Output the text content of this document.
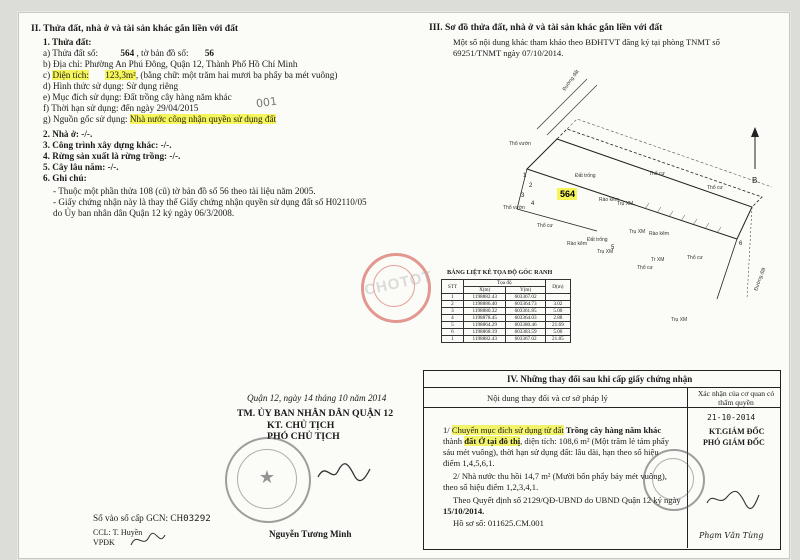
II. Thửa đất, nhà ở và tài sản khác gắn liền với đất
1. Thửa đất:
a) Thửa đất số: 564 , tờ bản đồ số: 56
b) Địa chỉ: Phường An Phú Đông, Quận 12, Thành Phố Hồ Chí Minh
c) Diện tích: 123,3m², (bằng chữ: một trăm hai mươi ba phẩy ba mét vuông)
d) Hình thức sử dụng: Sử dụng riêng
e) Mục đích sử dụng: Đất trồng cây hàng năm khác 001
f) Thời hạn sử dụng: đến ngày 29/04/2015
g) Nguồn gốc sử dụng: Nhà nước công nhận quyền sử dụng đất
2. Nhà ở: -/-.
3. Công trình xây dựng khác: -/-.
4. Rừng sản xuất là rừng trồng: -/-.
5. Cây lâu năm: -/-.
6. Ghi chú:
- Thuộc một phần thửa 108 (cũ) tờ bản đồ số 56 theo tài liệu năm 2005.
- Giấy chứng nhận này là thay thế Giấy chứng nhận quyền sử dụng đất số H02110/05
do Ủy ban nhân dân Quận 12 ký ngày 06/3/2008.
Quận 12, ngày 14 tháng 10 năm 2014
TM. ỦY BAN NHÂN DÂN QUẬN 12
KT. CHỦ TỊCH
PHÓ CHỦ TỊCH
★
Nguyễn Tương Minh
Số vào sổ cấp GCN: CH03292
CCL: T. Huyền
VPĐK
CHOTOT
III. Sơ đồ thửa đất, nhà ở và tài sản khác gắn liền với đất
Một số nội dung khác tham khảo theo BĐHTVT đăng ký tại phòng TNMT số
69251/TNMT ngày 07/10/2014.
564
1
2
3
4
5
6
Đường đất
Thổ vườn
Thổ vườn
Đất trống
Đất trống
Thổ cư
Thổ cư
Thổ cư
Thổ cư
Thổ cư
Trụ XM
Rào kẽm
Rào kẽm
Rào kẽm
Đường đất
Trụ XM
Trụ XM
Tr XM
Trụ XM
B
BẢNG LIỆT KÊ TỌA ĐỘ GÓC RANH
STT	Tọa độ		D(m)
	X(m)	Y(m)	
1	1198882.43	603367.02	
2	1198886.40	603364.73	3.02
3	1198880.32	603361.85	5.00
4	1198878.45	603364.03	2.88
5	1198864.29	603380.46	21.69
6	1198868.19	603383.59	5.00
1	1198882.43	603367.02	21.85
IV. Những thay đổi sau khi cấp giấy chứng nhận
Nội dung thay đổi và cơ sở pháp lý	Xác nhận của cơ quan có thẩm quyền
1/ Chuyển mục đích sử dụng từ đất Trồng cây hàng năm khác
thành đất Ở tại đô thị, diện tích: 108,6 m² (Một trăm lẻ tám phẩy
sáu mét vuông), thời hạn sử dụng đất: lâu dài, hạn theo số hiệu
điểm 1,4,5,6,1.
2/ Nhà nước thu hồi 14,7 m² (Mười bốn phẩy bảy mét vuông),
theo số hiệu điểm 1,2,3,4,1.
Theo Quyết định số 2129/QĐ-UBND do UBND Quận 12 ký ngày
15/10/2014.
Hồ sơ số: 011625.CM.001
21-10-2014
KT.GIÁM ĐỐC
PHÓ GIÁM ĐỐC
Phạm Văn Tùng
